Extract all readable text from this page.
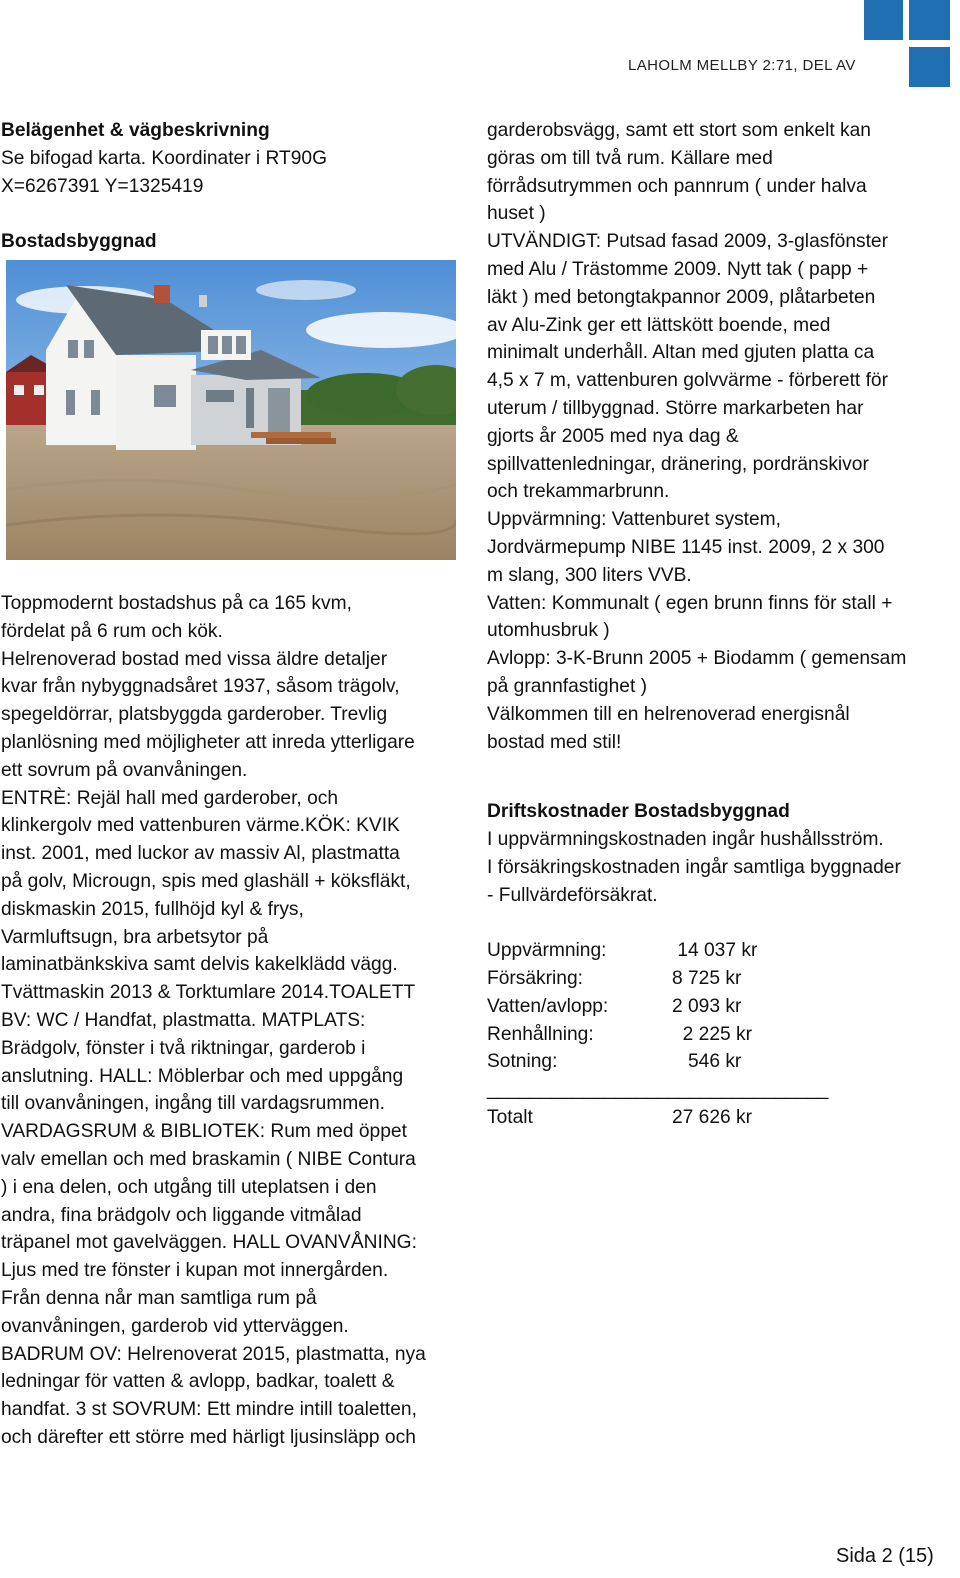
LAHOLM MELLBY 2:71, DEL AV
Belägenhet & vägbeskrivning
Se bifogad karta. Koordinater i RT90G
X=6267391 Y=1325419
Bostadsbyggnad
Toppmodernt bostadshus på ca 165 kvm,
fördelat på 6 rum och kök.
Helrenoverad bostad med vissa äldre detaljer
kvar från nybyggnadsåret 1937, såsom trägolv,
spegeldörrar, platsbyggda garderober. Trevlig
planlösning med möjligheter att inreda ytterligare
ett sovrum på ovanvåningen.
ENTRÈ: Rejäl hall med garderober, och
klinkergolv med vattenburen värme.KÖK: KVIK
inst. 2001, med luckor av massiv Al, plastmatta
på golv, Microugn, spis med glashäll + köksfläkt,
diskmaskin 2015, fullhöjd kyl & frys,
Varmluftsugn, bra arbetsytor på
laminatbänkskiva samt delvis kakelklädd vägg.
Tvättmaskin 2013 & Torktumlare 2014.TOALETT
BV: WC / Handfat, plastmatta. MATPLATS:
Brädgolv, fönster i två riktningar, garderob i
anslutning. HALL: Möblerbar och med uppgång
till ovanvåningen, ingång till vardagsrummen.
VARDAGSRUM & BIBLIOTEK: Rum med öppet
valv emellan och med braskamin ( NIBE Contura
) i ena delen, och utgång till uteplatsen i den
andra, fina brädgolv och liggande vitmålad
träpanel mot gavelväggen. HALL OVANVÅNING:
Ljus med tre fönster i kupan mot innergården.
Från denna når man samtliga rum på
ovanvåningen, garderob vid ytterväggen.
BADRUM OV: Helrenoverat 2015, plastmatta, nya
ledningar för vatten & avlopp, badkar, toalett &
handfat. 3 st SOVRUM: Ett mindre intill toaletten,
och därefter ett större med härligt ljusinsläpp och
garderobsvägg, samt ett stort som enkelt kan
göras om till två rum. Källare med
förrådsutrymmen och pannrum ( under halva
huset )
UTVÄNDIGT: Putsad fasad 2009, 3-glasfönster
med Alu / Trästomme 2009. Nytt tak ( papp +
läkt ) med betongtakpannor 2009, plåtarbeten
av Alu-Zink ger ett lättskött boende, med
minimalt underhåll. Altan med gjuten platta ca
4,5 x 7 m, vattenburen golvvärme - förberett för
uterum / tillbyggnad. Större markarbeten har
gjorts år 2005 med nya dag &
spillvattenledningar, dränering, pordränskivor
och trekammarbrunn.
Uppvärmning: Vattenburet system,
Jordvärmepump NIBE 1145 inst. 2009, 2 x 300
m slang, 300 liters VVB.
Vatten: Kommunalt ( egen brunn finns för stall +
utomhusbruk )
Avlopp: 3-K-Brunn 2005 + Biodamm ( gemensam
på grannfastighet )
Välkommen till en helrenoverad energisnål
bostad med stil!
Driftskostnader Bostadsbyggnad
I uppvärmningskostnaden ingår hushållsström.
I försäkringskostnaden ingår samtliga byggnader
- Fullvärdeförsäkrat.
Uppvärmning:	14 037 kr
Försäkring:	8 725 kr
Vatten/avlopp:	2 093 kr
Renhållning:	2 225 kr
Sotning:	546 kr
________________________________
Totalt	27 626 kr
Sida 2 (15)
